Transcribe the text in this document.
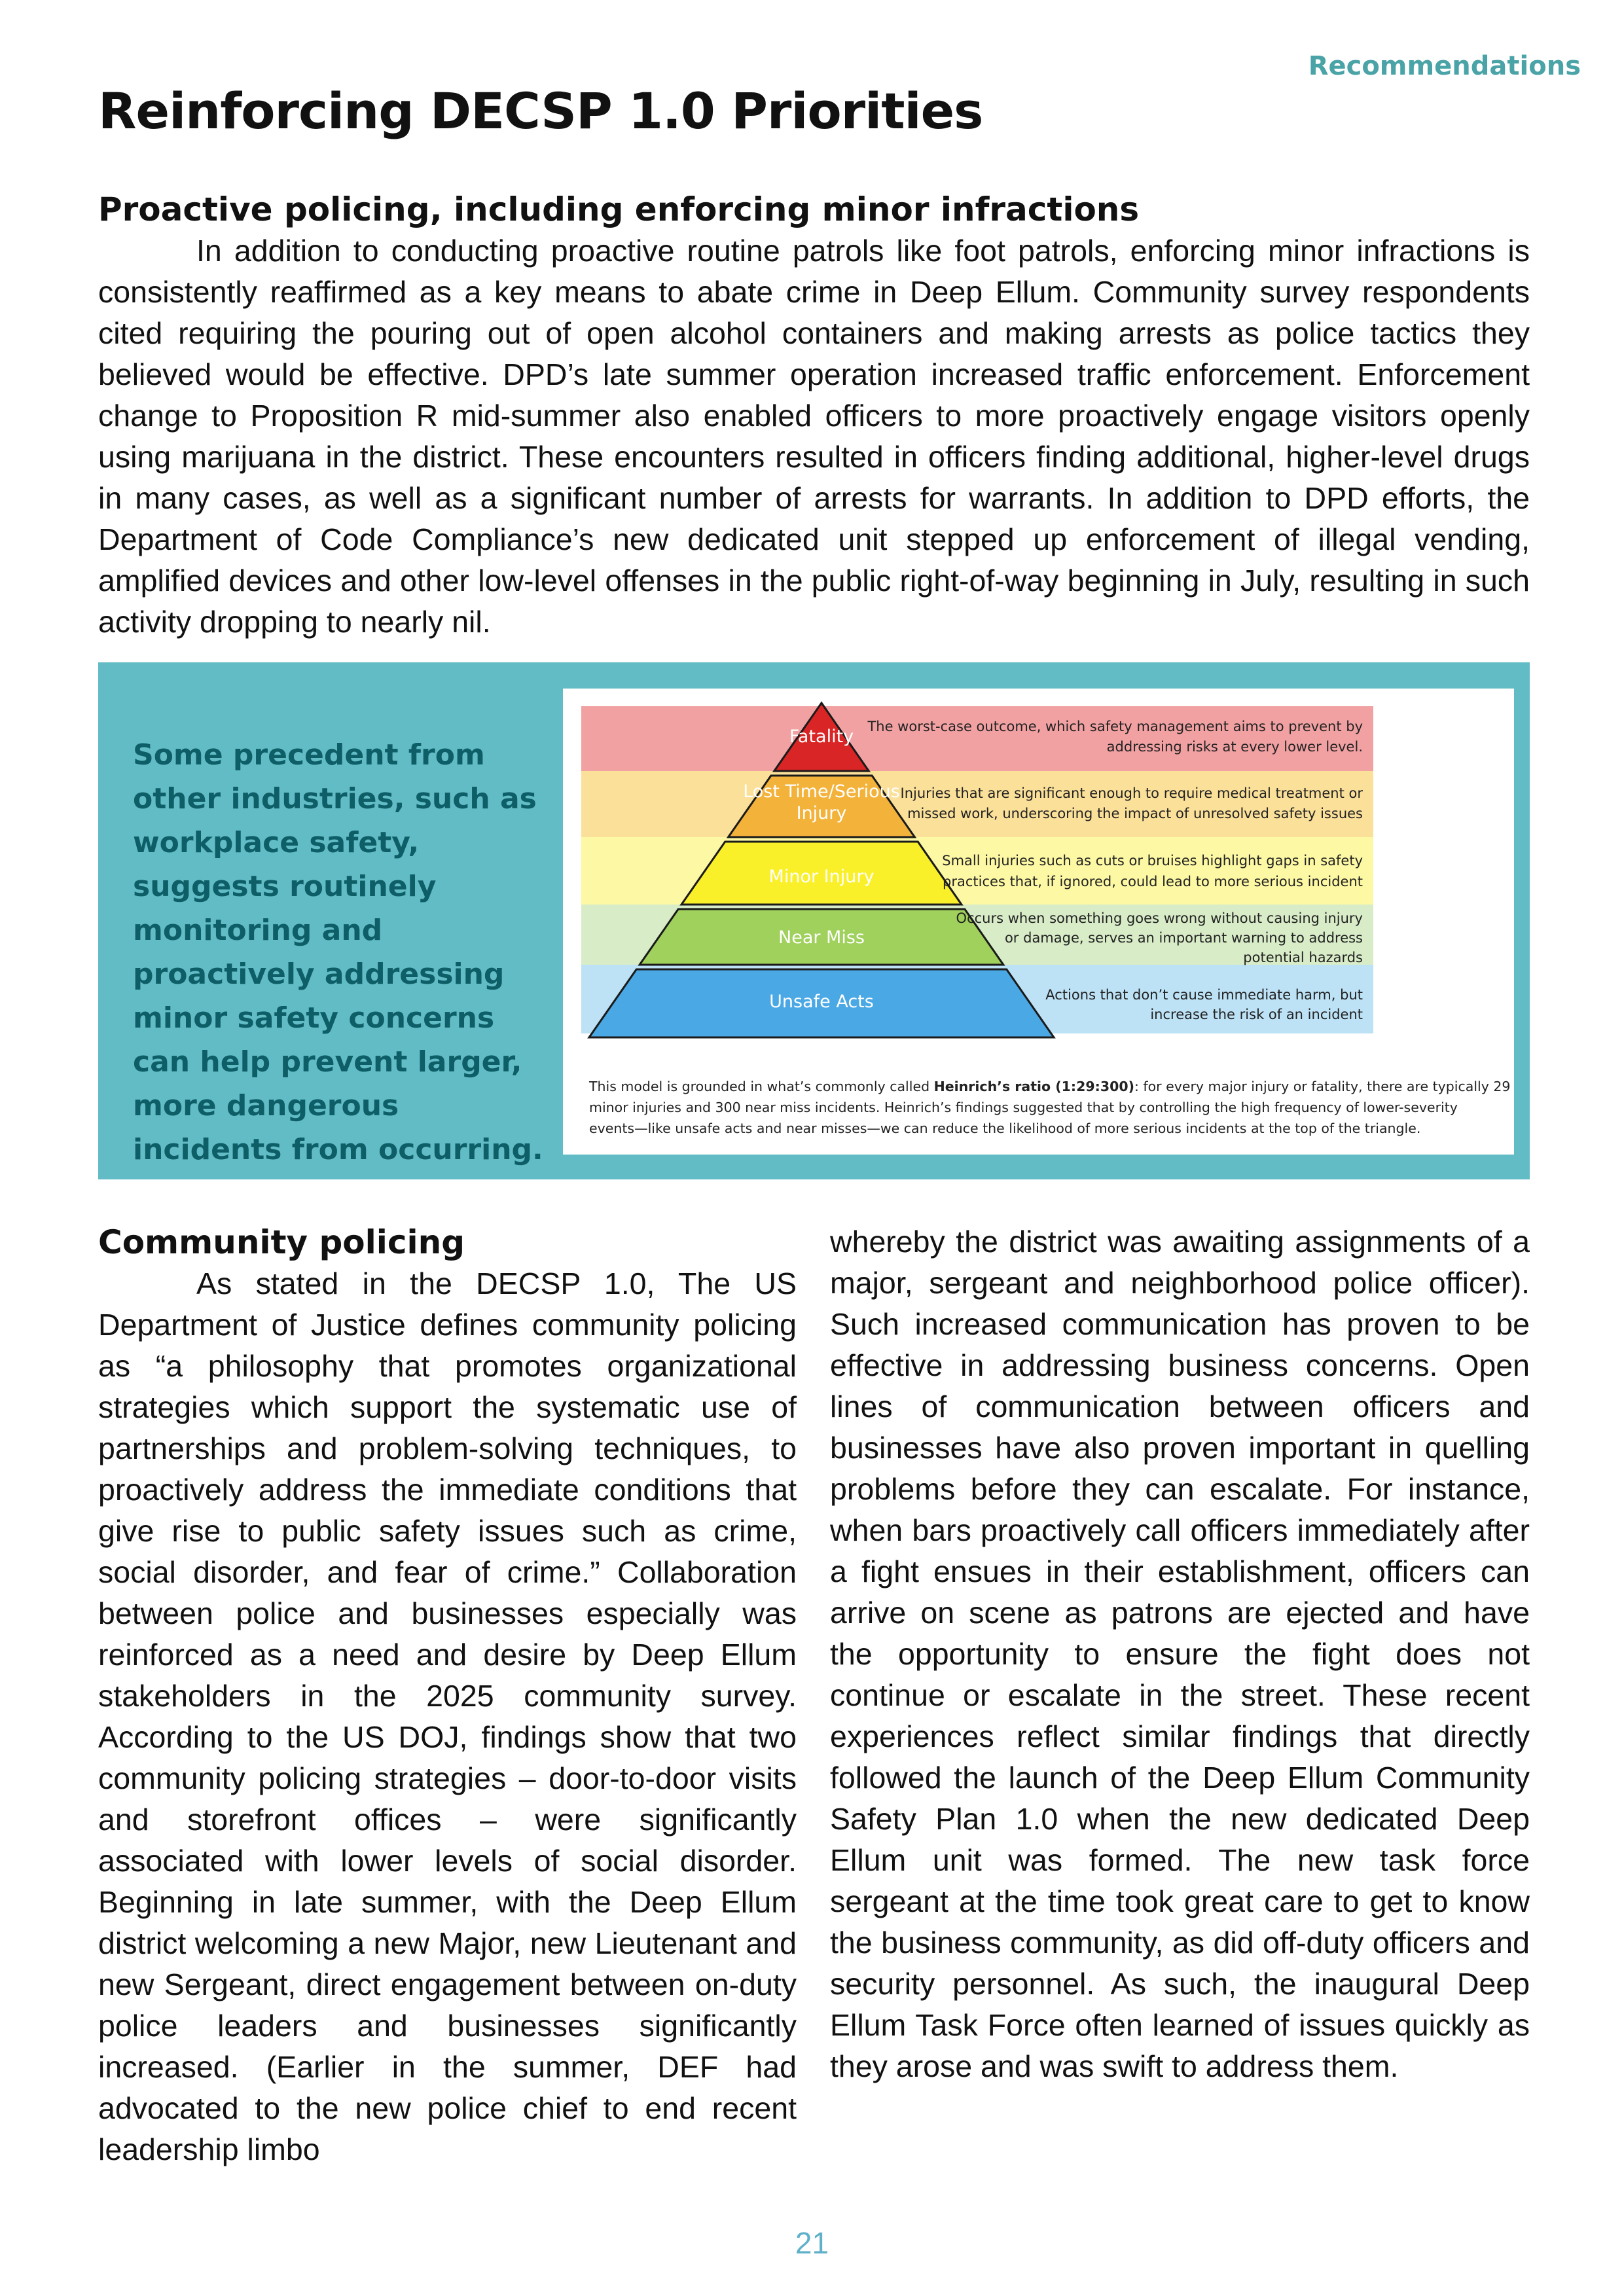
Recommendations
Reinforcing DECSP 1.0 Priorities
Proactive policing, including enforcing minor infractions

In addition to conducting proactive routine patrols like foot patrols, enforcing minor infractions is consistently reaffirmed as a key means to abate crime in Deep Ellum. Community survey respondents cited requiring the pouring out of open alcohol containers and making arrests as police tactics they believed would be effective. DPD’s late summer operation increased traffic enforcement. Enforcement change to Proposition R mid-summer also enabled officers to more proactively engage visitors openly using marijuana in the district. These encounters resulted in officers finding additional, higher-level drugs in many cases, as well as a significant number of arrests for warrants. In addition to DPD efforts, the Department of Code Compliance’s new dedicated unit stepped up enforcement of illegal vending, amplified devices and other low-level offenses in the public right-of-way beginning in July, resulting in such activity dropping to nearly nil.

Some precedent from other industries, such as workplace safety, suggests routinely monitoring and proactively addressing minor safety concerns can help prevent larger, more dangerous incidents from occurring.

Fatality
Lost Time/Serious
Injury
Minor Injury
Near Miss
Unsafe Acts
The worst-case outcome, which safety management aims to prevent by
addressing risks at every lower level.
Injuries that are significant enough to require medical treatment or
missed work, underscoring the impact of unresolved safety issues
Small injuries such as cuts or bruises highlight gaps in safety
practices that, if ignored, could lead to more serious incident
Occurs when something goes wrong without causing injury
or damage, serves an important warning to address
potential hazards
Actions that don’t cause immediate harm, but
increase the risk of an incident
This model is grounded in what’s commonly called Heinrich’s ratio (1:29:300): for every major injury or fatality, there are typically 29
minor injuries and 300 near miss incidents. Heinrich’s findings suggested that by controlling the high frequency of lower-severity
events—like unsafe acts and near misses—we can reduce the likelihood of more serious incidents at the top of the triangle.
Community policing

As stated in the DECSP 1.0, The US Department of Justice defines community policing as “a philosophy that promotes organizational strategies which support the systematic use of partnerships and problem-solving techniques, to proactively address the immediate conditions that give rise to public safety issues such as crime, social disorder, and fear of crime.” Collaboration between police and businesses especially was reinforced as a need and desire by Deep Ellum stakeholders in the 2025 community survey. According to the US DOJ, findings show that two community policing strategies – door-to-door visits and storefront offices – were significantly associated with lower levels of social disorder. Beginning in late summer, with the Deep Ellum district welcoming a new Major, new Lieutenant and new Sergeant, direct engagement between on-duty police leaders and businesses significantly increased. (Earlier in the summer, DEF had advocated to the new police chief to end recent leadership limbo

whereby the district was awaiting assignments of a major, sergeant and neighborhood police officer). Such increased communication has proven to be effective in addressing business concerns. Open lines of communication between officers and businesses have also proven important in quelling problems before they can escalate. For instance, when bars proactively call officers immediately after a fight ensues in their establishment, officers can arrive on scene as patrons are ejected and have the opportunity to ensure the fight does not continue or escalate in the street. These recent experiences reflect similar findings that directly followed the launch of the Deep Ellum Community Safety Plan 1.0 when the new dedicated Deep Ellum unit was formed. The new task force sergeant at the time took great care to get to know the business community, as did off-duty officers and security personnel. As such, the inaugural Deep Ellum Task Force often learned of issues quickly as they arose and was swift to address them.

21
